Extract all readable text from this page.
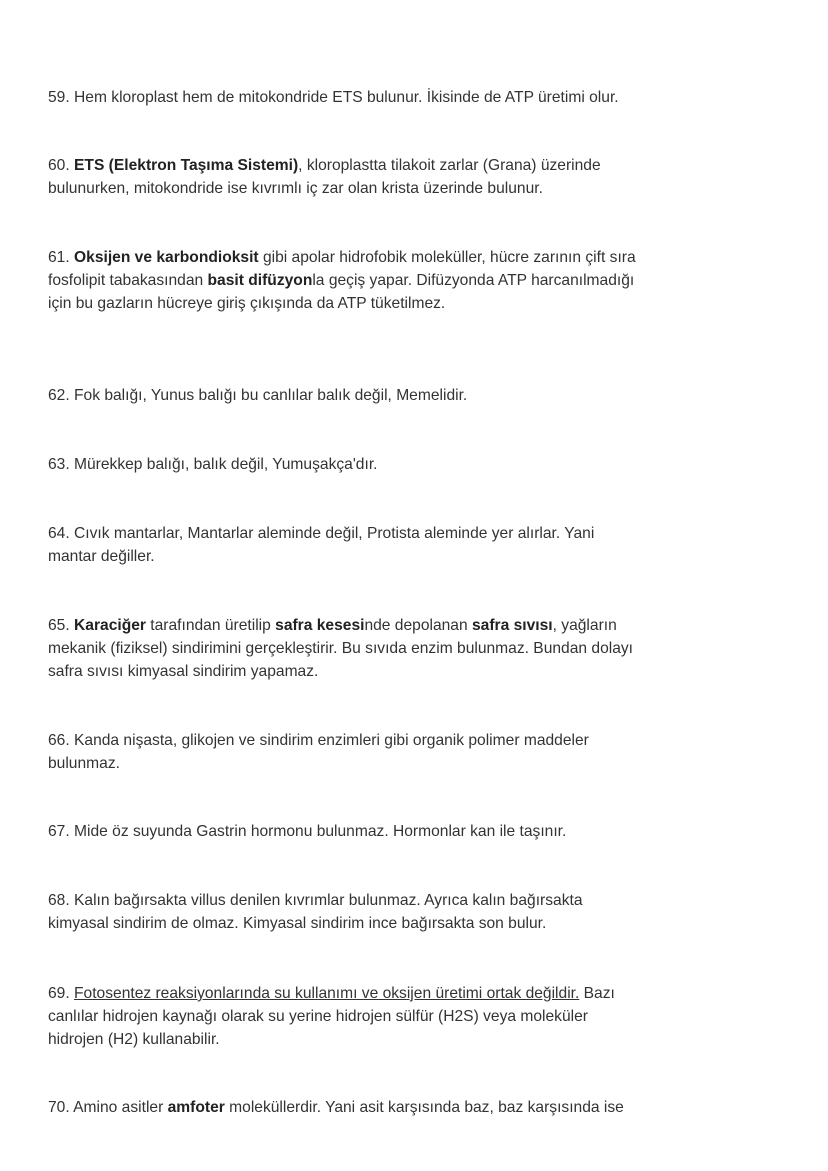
59. Hem kloroplast hem de mitokondride ETS bulunur. İkisinde de ATP üretimi olur.

60. ETS (Elektron Taşıma Sistemi), kloroplastta tilakoit zarlar (Grana) üzerinde
bulunurken, mitokondride ise kıvrımlı iç zar olan krista üzerinde bulunur.

61. Oksijen ve karbondioksit gibi apolar hidrofobik moleküller, hücre zarının çift sıra
fosfolipit tabakasından basit difüzyonla geçiş yapar. Difüzyonda ATP harcanılmadığı
için bu gazların hücreye giriş çıkışında da ATP tüketilmez.

62. Fok balığı, Yunus balığı bu canlılar balık değil, Memelidir.

63. Mürekkep balığı, balık değil, Yumuşakça'dır.

64. Cıvık mantarlar, Mantarlar aleminde değil, Protista aleminde yer alırlar. Yani
mantar değiller.

65. Karaciğer tarafından üretilip safra kesesinde depolanan safra sıvısı, yağların
mekanik (fiziksel) sindirimini gerçekleştirir. Bu sıvıda enzim bulunmaz. Bundan dolayı
safra sıvısı kimyasal sindirim yapamaz.

66. Kanda nişasta, glikojen ve sindirim enzimleri gibi organik polimer maddeler
bulunmaz.

67. Mide öz suyunda Gastrin hormonu bulunmaz. Hormonlar kan ile taşınır.

68. Kalın bağırsakta villus denilen kıvrımlar bulunmaz. Ayrıca kalın bağırsakta
kimyasal sindirim de olmaz. Kimyasal sindirim ince bağırsakta son bulur.

69. Fotosentez reaksiyonlarında su kullanımı ve oksijen üretimi ortak değildir. Bazı
canlılar hidrojen kaynağı olarak su yerine hidrojen sülfür (H2S) veya moleküler
hidrojen (H2) kullanabilir.

70. Amino asitler amfoter moleküllerdir. Yani asit karşısında baz, baz karşısında ise
